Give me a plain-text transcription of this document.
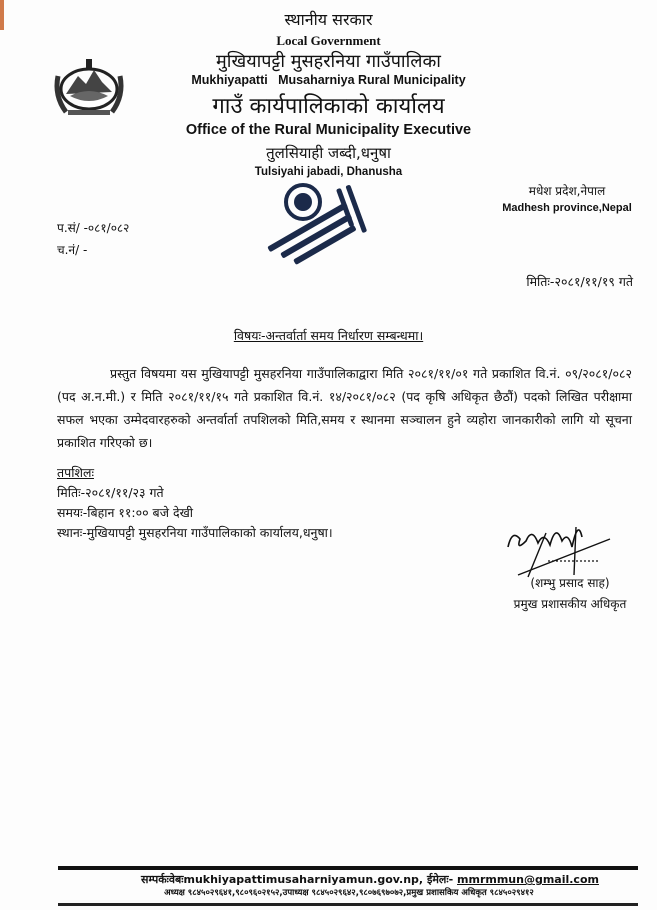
स्थानीय सरकार
Local Government
मुखियापट्टी मुसहरनिया गाउँपालिका
Mukhiyapatti   Musaharniya Rural Municipality
गाउँ कार्यपालिकाको कार्यालय
Office of the Rural Municipality Executive
तुलसियाही जब्दी,धनुषा
Tulsiyahi jabadi, Dhanusha
मधेश प्रदेश,नेपाल
Madhesh province,Nepal
प.सं/ -०८१/०८२
च.नं/ -
मितिः-२०८१/११/१९ गते
विषयः-अन्तर्वार्ता समय निर्धारण सम्बन्धमा।

प्रस्तुत विषयमा यस मुखियापट्टी मुसहरनिया गाउँपालिकाद्वारा मिति २०८१/११/०१ गते प्रकाशित वि.नं. ०९/२०८१/०८२ (पद अ.न.मी.) र मिति २०८१/११/१५ गते प्रकाशित वि.नं. १४/२०८१/०८२ (पद कृषि अधिकृत छैठौं) पदको लिखित परीक्षामा सफल भएका उम्मेदवारहरुको अन्तर्वार्ता तपशिलको मिति,समय र स्थानमा सञ्चालन हुने व्यहोरा जानकारीको लागि यो सूचना प्रकाशित गरिएको छ।

तपशिलः
मितिः-२०८१/११/२३ गते
समयः-बिहान ११:०० बजे देखी
स्थानः-मुखियापट्टी मुसहरनिया गाउँपालिकाको कार्यालय,धनुषा।
(शम्भु प्रसाद साह)
प्रमुख प्रशासकीय अधिकृत
सम्पर्कःवेबःmukhiyapattimusaharniyamun.gov.np, ईमेलः- mmrmmun@gmail.com
अध्यक्ष ९८४५०२९६४१,९८०९६०२१५२,उपाध्यक्ष ९८४५०२९६४२,९८०७६९७०७२,प्रमुख प्रशासकिय अधिकृत ९८४५०२९४१२
